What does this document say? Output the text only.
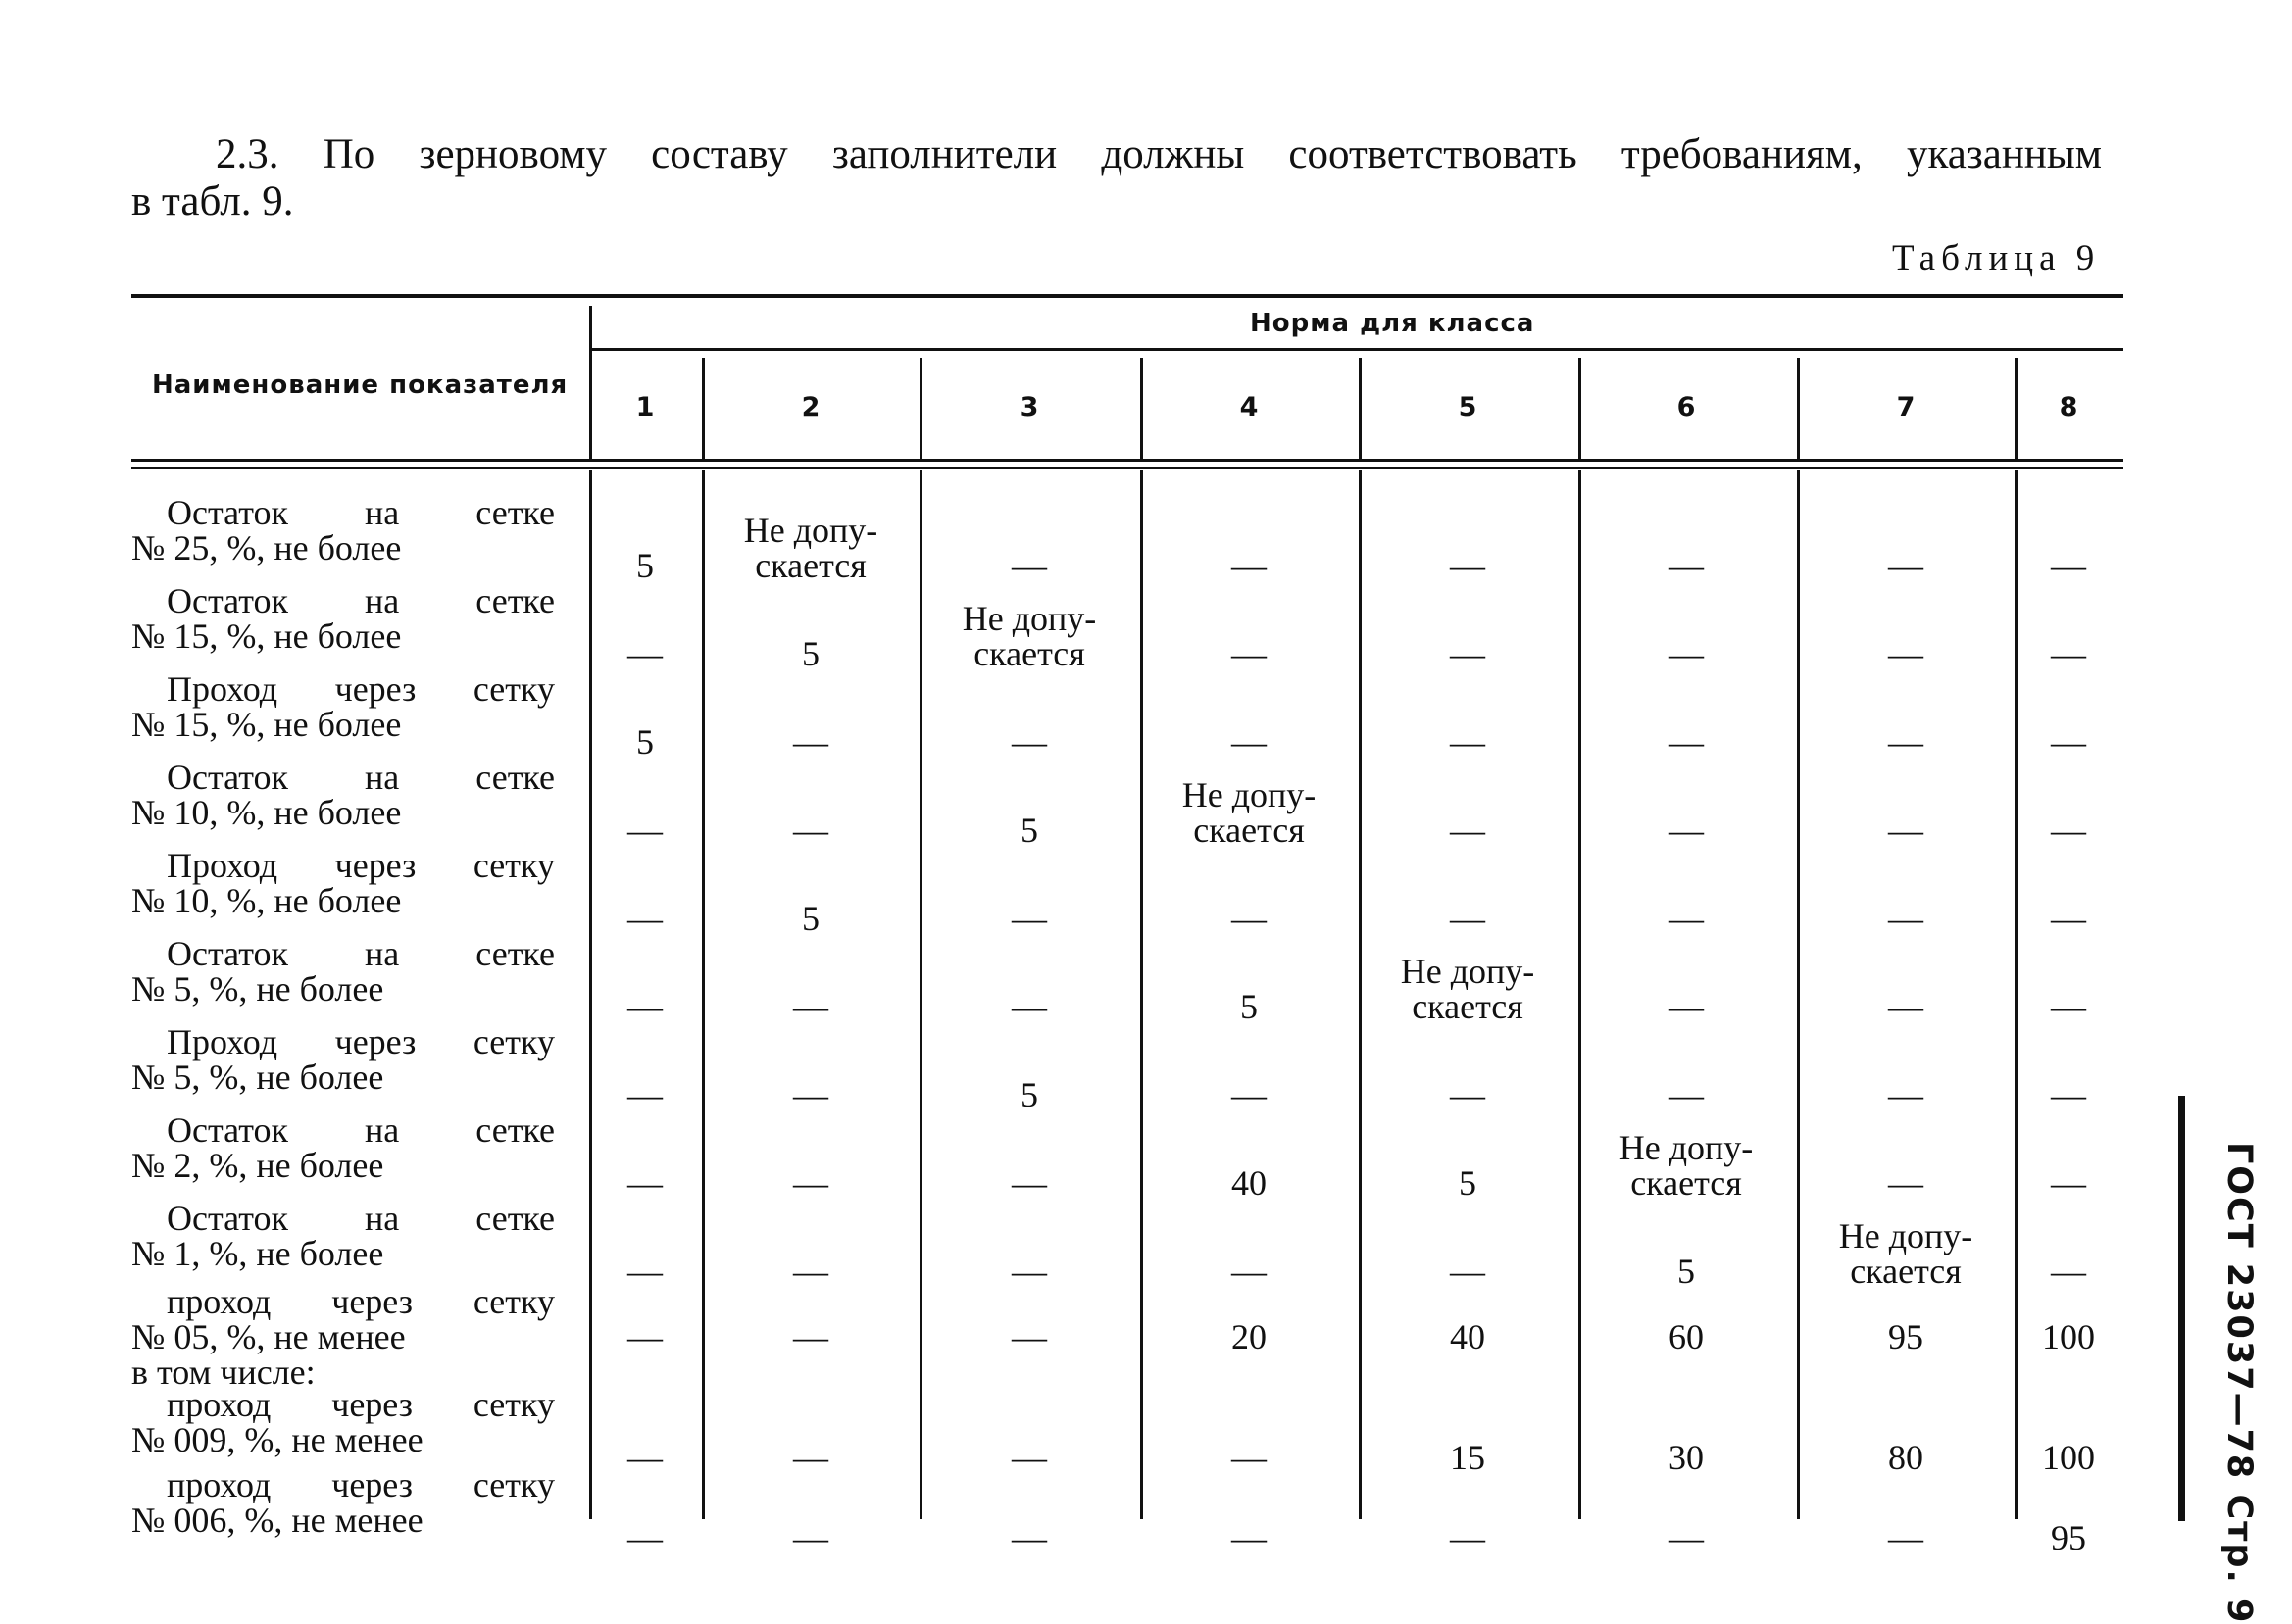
2.3. По зерновому составу заполнители должны соответствовать требованиям, указанным

в табл. 9.

Таблица 9
Наименование показателя
Норма для класса
1	2	3	4	5	6	7	8
Остаток на сетке
№ 25, %, не более	5
Не допу-
скается	—	—	—	—	—	—
Остаток на сетке
№ 15, %, не более	—	5
Не допу-
скается	—	—	—	—	—
Проход через сетку
№ 15, %, не более	5	—	—	—	—	—	—	—
Остаток на сетке
№ 10, %, не более	—	—	5
Не допу-
скается	—	—	—	—
Проход через сетку
№ 10, %, не более	—	5	—	—	—	—	—	—
Остаток на сетке
№ 5, %, не более	—	—	—	5
Не допу-
скается	—	—	—
Проход через сетку
№ 5, %, не более	—	—	5	—	—	—	—	—
Остаток на сетке
№ 2, %, не более	—	—	—	40	5
Не допу-
скается	—	—
Остаток на сетке
№ 1, %, не более	—	—	—	—	—	5
Не допу-
скается	—
проход через сетку
№ 05, %, не менее
в том числе:
—	—	—	20	40	60	95	100
проход через сетку
№ 009, %, не менее	—	—	—	—	15	30	80	100
проход через сетку
№ 006, %, не менее	—	—	—	—	—	—	—	95	ГОСТ 23037—78 Стр. 9
